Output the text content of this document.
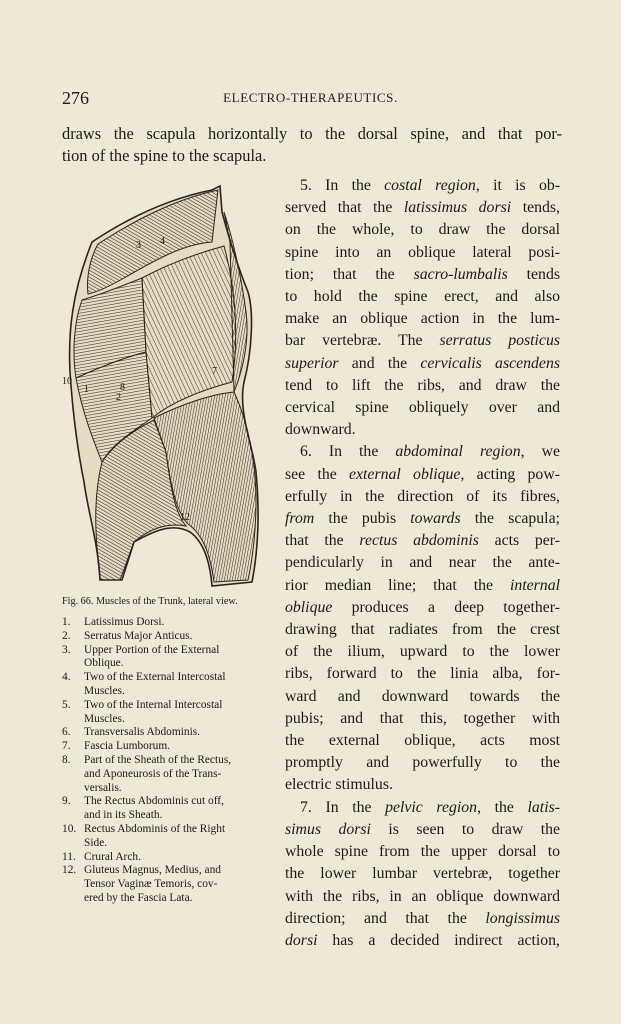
276	ELECTRO-THERAPEUTICS.
draws the scapula horizontally to the dorsal spine, and that por-
tion of the spine to the scapula.
3 4
1
2
7
8
10
12
Fig. 66. Muscles of the Trunk, lateral view.
1.	Latissimus Dorsi.
2.	Serratus Major Anticus.
3.	Upper Portion of the External
Oblique.
4.	Two of the External Intercostal
Muscles.
5.	Two of the Internal Intercostal
Muscles.
6.	Transversalis Abdominis.
7.	Fascia Lumborum.
8.	Part of the Sheath of the Rectus,
and Aponeurosis of the Trans-
versalis.
9.	The Rectus Abdominis cut off,
and in its Sheath.
10. Rectus Abdominis of the Right
Side.
11. Crural Arch.
12. Gluteus Magnus, Medius, and
Tensor Vaginæ Temoris, cov-
ered by the Fascia Lata.

5. In the costal region, it is ob-
served that the latissimus dorsi tends,
on the whole, to draw the dorsal
spine into an oblique lateral posi-
tion; that the sacro-lumbalis tends
to hold the spine erect, and also
make an oblique action in the lum-
bar vertebræ. The serratus posticus
superior and the cervicalis ascendens
tend to lift the ribs, and draw the
cervical spine obliquely over and
downward.

6. In the abdominal region, we
see the external oblique, acting pow-
erfully in the direction of its fibres,
from the pubis towards the scapula;
that the rectus abdominis acts per-
pendicularly in and near the ante-
rior median line; that the internal
oblique produces a deep together-
drawing that radiates from the crest
of the ilium, upward to the lower
ribs, forward to the linia alba, for-
ward and downward towards the
pubis; and that this, together with
the external oblique, acts most
promptly and powerfully to the
electric stimulus.

7. In the pelvic region, the latis-
simus dorsi is seen to draw the
whole spine from the upper dorsal to
the lower lumbar vertebræ, together
with the ribs, in an oblique downward
direction; and that the longissimus
dorsi has a decided indirect action,
